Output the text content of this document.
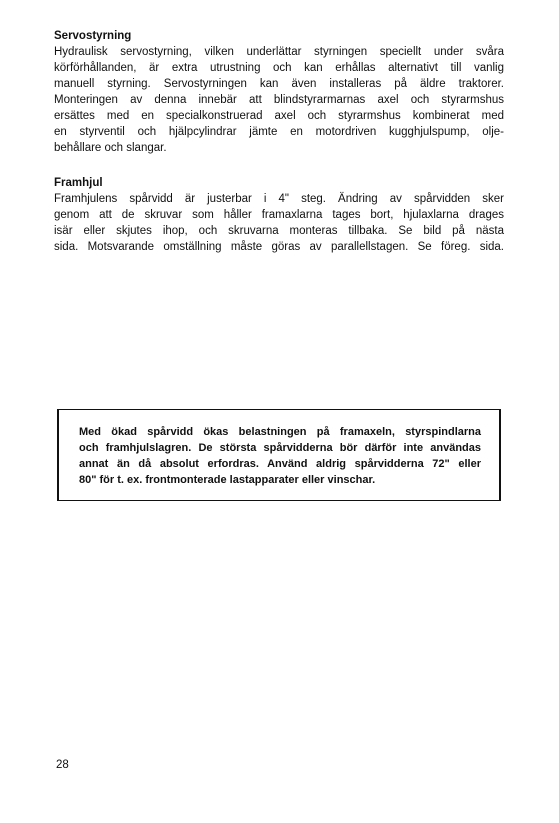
Servostyrning

Hydraulisk servostyrning, vilken underlättar styrningen speciellt under svåra
körförhållanden, är extra utrustning och kan erhållas alternativt till vanlig
manuell styrning. Servostyrningen kan även installeras på äldre traktorer.
Monteringen av denna innebär att blindstyrarmarnas axel och styrarmshus
ersättes med en specialkonstruerad axel och styrarmshus kombinerat med
en styrventil och hjälpcylindrar jämte en motordriven kugghjulspump, olje-
behållare och slangar.

Framhjul

Framhjulens spårvidd är justerbar i 4" steg. Ändring av spårvidden sker
genom att de skruvar som håller framaxlarna tages bort, hjulaxlarna drages
isär eller skjutes ihop, och skruvarna monteras tillbaka. Se bild på nästa
sida. Motsvarande omställning måste göras av parallellstagen. Se föreg. sida.

Med ökad spårvidd ökas belastningen på framaxeln, styrspindlarna
och framhjulslagren. De största spårvidderna bör därför inte användas
annat än då absolut erfordras. Använd aldrig spårvidderna 72" eller
80" för t. ex. frontmonterade lastapparater eller vinschar.
28
